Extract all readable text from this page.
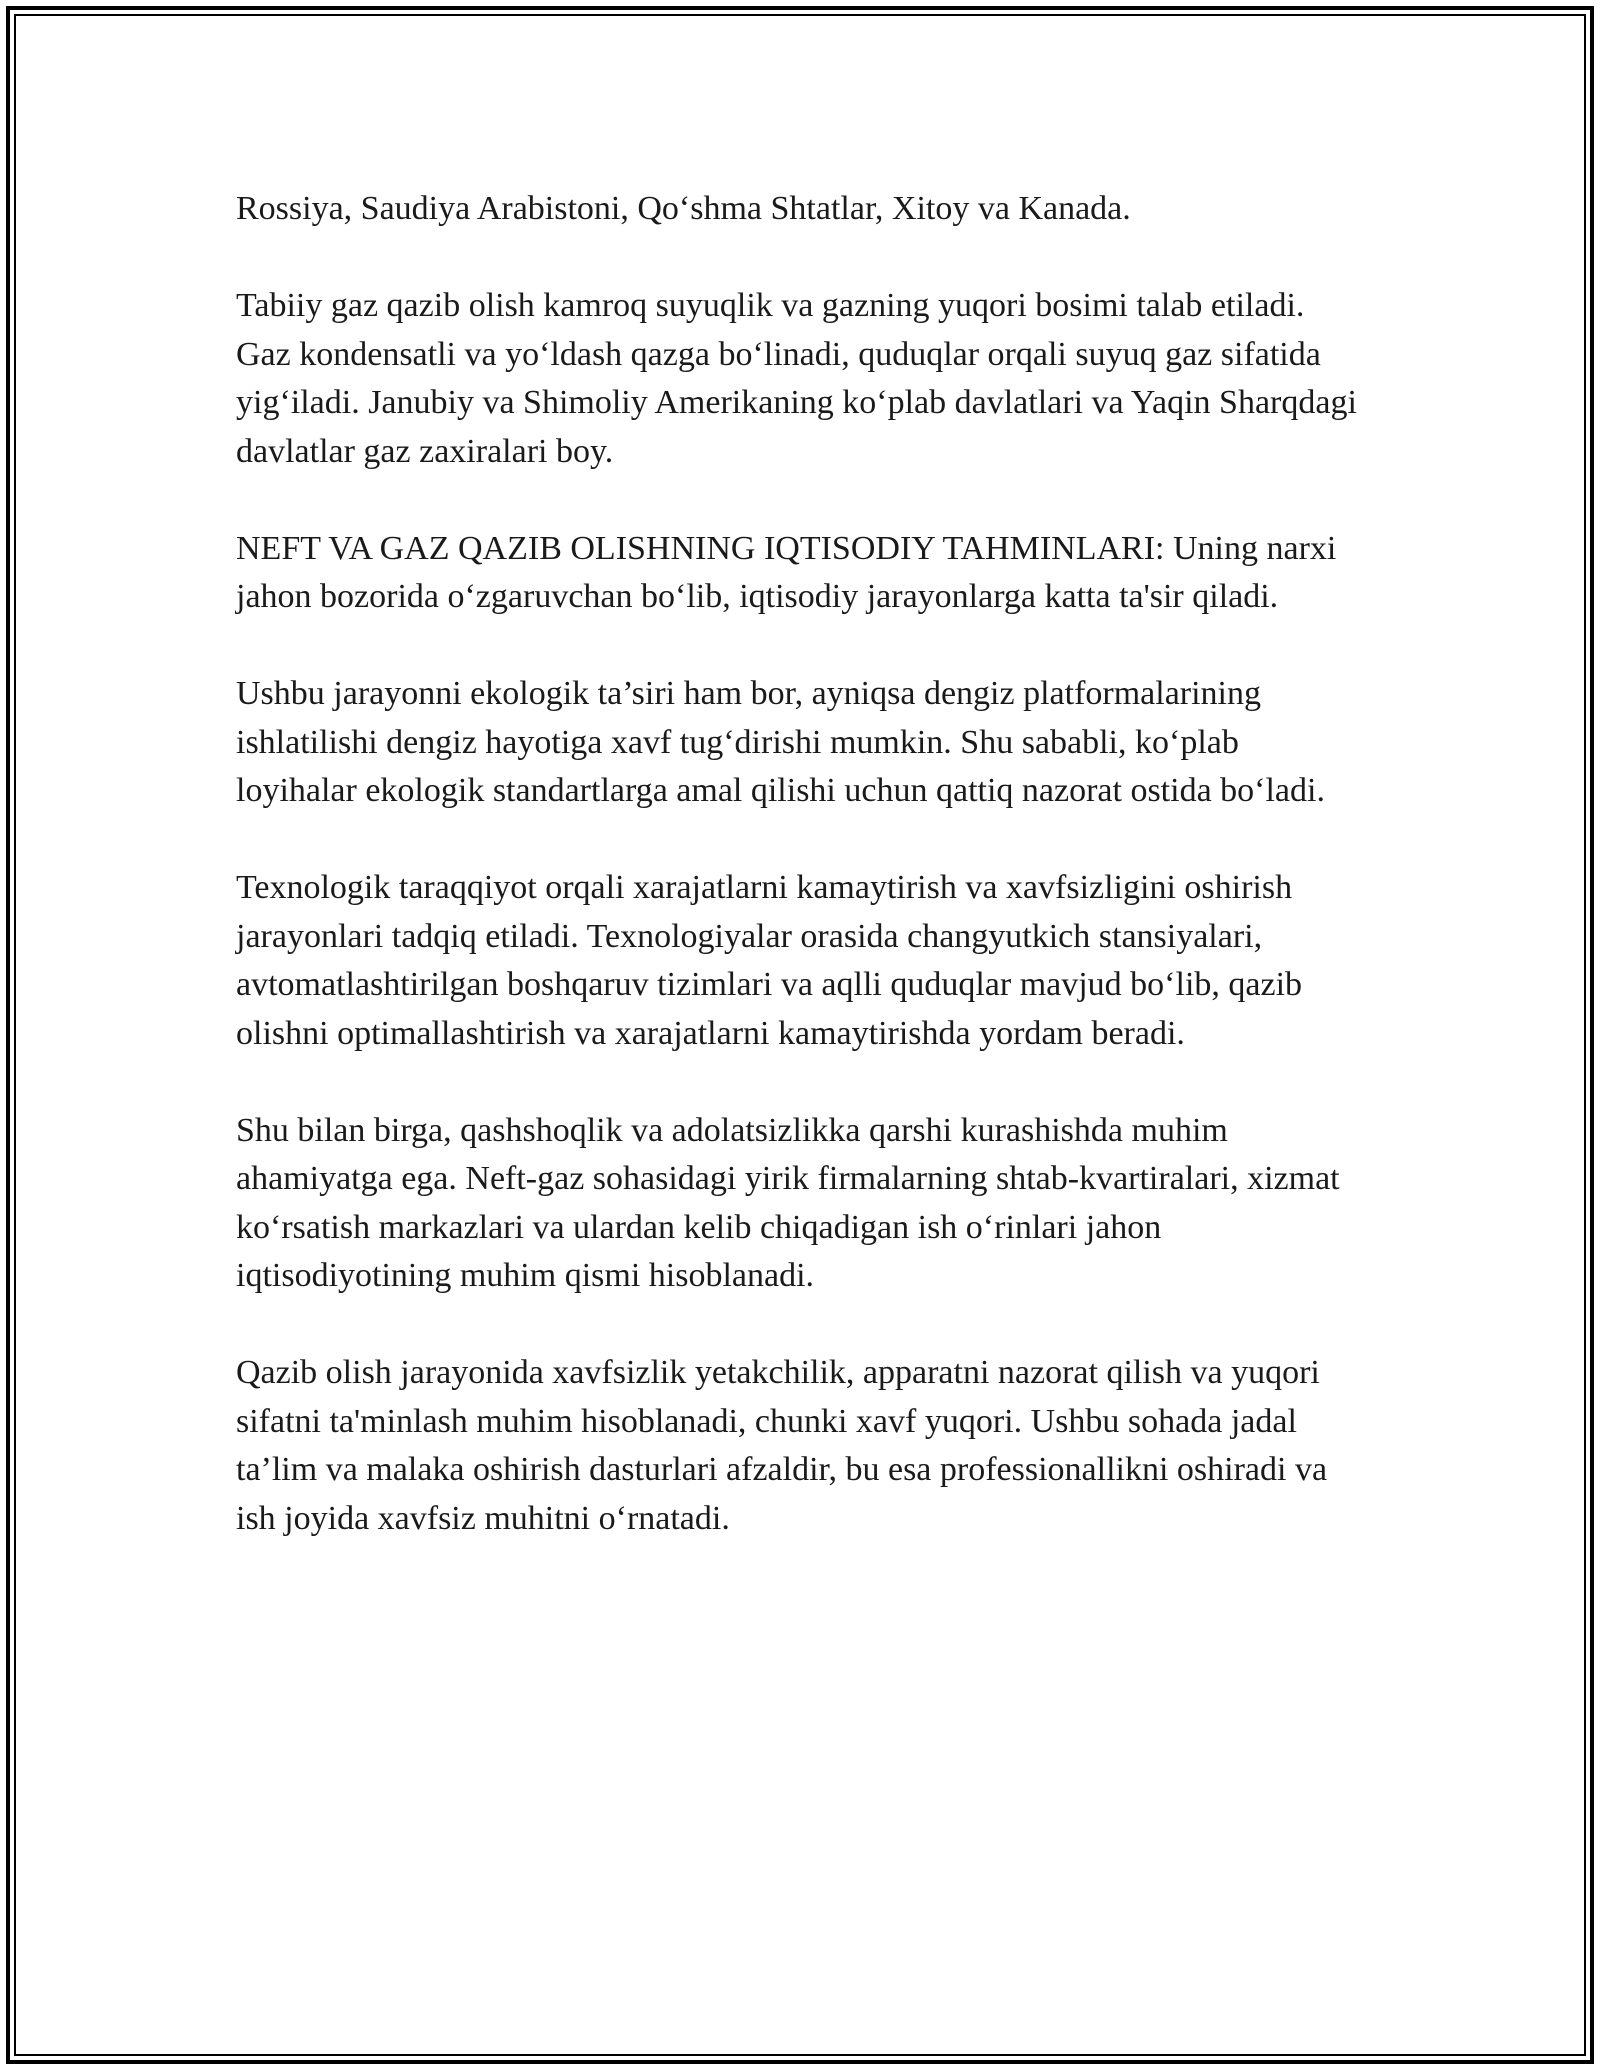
Rossiya, Saudiya Arabistoni, Qo‘shma Shtatlar, Xitoy va Kanada.

Tabiiy gaz qazib olish kamroq suyuqlik va gazning yuqori bosimi talab etiladi. Gaz kondensatli va yo‘ldash qazga bo‘linadi, quduqlar orqali suyuq gaz sifatida yig‘iladi. Janubiy va Shimoliy Amerikaning ko‘plab davlatlari va Yaqin Sharqdagi davlatlar gaz zaxiralari boy.

NEFT VA GAZ QAZIB OLISHNING IQTISODIY TAHMINLARI: Uning narxi jahon bozorida o‘zgaruvchan bo‘lib, iqtisodiy jarayonlarga katta ta'sir qiladi.

Ushbu jarayonni ekologik ta’siri ham bor, ayniqsa dengiz platformalarining ishlatilishi dengiz hayotiga xavf tug‘dirishi mumkin. Shu sababli, ko‘plab loyihalar ekologik standartlarga amal qilishi uchun qattiq nazorat ostida bo‘ladi.

Texnologik taraqqiyot orqali xarajatlarni kamaytirish va xavfsizligini oshirish jarayonlari tadqiq etiladi. Texnologiyalar orasida changyutkich stansiyalari, avtomatlashtirilgan boshqaruv tizimlari va aqlli quduqlar mavjud bo‘lib, qazib olishni optimallashtirish va xarajatlarni kamaytirishda yordam beradi.

Shu bilan birga, qashshoqlik va adolatsizlikka qarshi kurashishda muhim ahamiyatga ega. Neft-gaz sohasidagi yirik firmalarning shtab-kvartiralari, xizmat ko‘rsatish markazlari va ulardan kelib chiqadigan ish o‘rinlari jahon iqtisodiyotining muhim qismi hisoblanadi.

Qazib olish jarayonida xavfsizlik yetakchilik, apparatni nazorat qilish va yuqori sifatni ta'minlash muhim hisoblanadi, chunki xavf yuqori. Ushbu sohada jadal ta’lim va malaka oshirish dasturlari afzaldir, bu esa professionallikni oshiradi va ish joyida xavfsiz muhitni o‘rnatadi.
